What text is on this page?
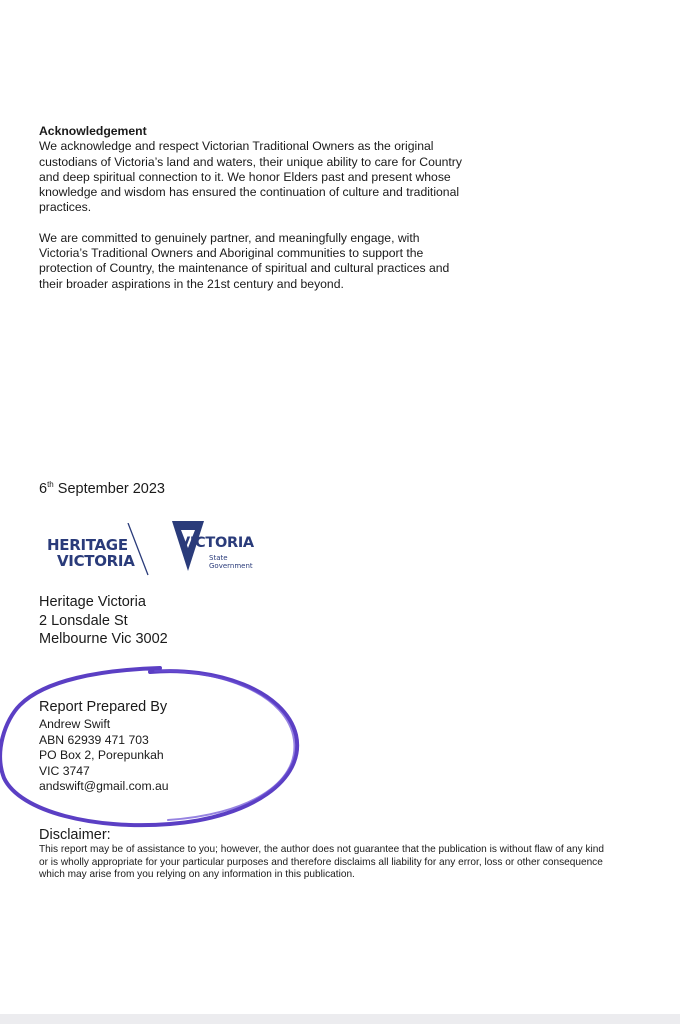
Acknowledgement

We acknowledge and respect Victorian Traditional Owners as the original custodians of Victoria’s land and waters, their unique ability to care for Country and deep spiritual connection to it. We honor Elders past and present whose knowledge and wisdom has ensured the continuation of culture and traditional practices.

We are committed to genuinely partner, and meaningfully engage, with Victoria’s Traditional Owners and Aboriginal communities to support the protection of Country, the maintenance of spiritual and cultural practices and their broader aspirations in the 21st century and beyond.

6th September 2023
HERITAGE
VICTORIA
VICTORIA
State
Government
Heritage Victoria
2 Lonsdale St
Melbourne Vic 3002
Report Prepared By
Andrew Swift
ABN 62939 471 703
PO Box 2, Porepunkah
VIC 3747
andswift@gmail.com.au
Disclaimer:

This report may be of assistance to you; however, the author does not guarantee that the publication is without flaw of any kind or is wholly appropriate for your particular purposes and therefore disclaims all liability for any error, loss or other consequence which may arise from you relying on any information in this publication.
